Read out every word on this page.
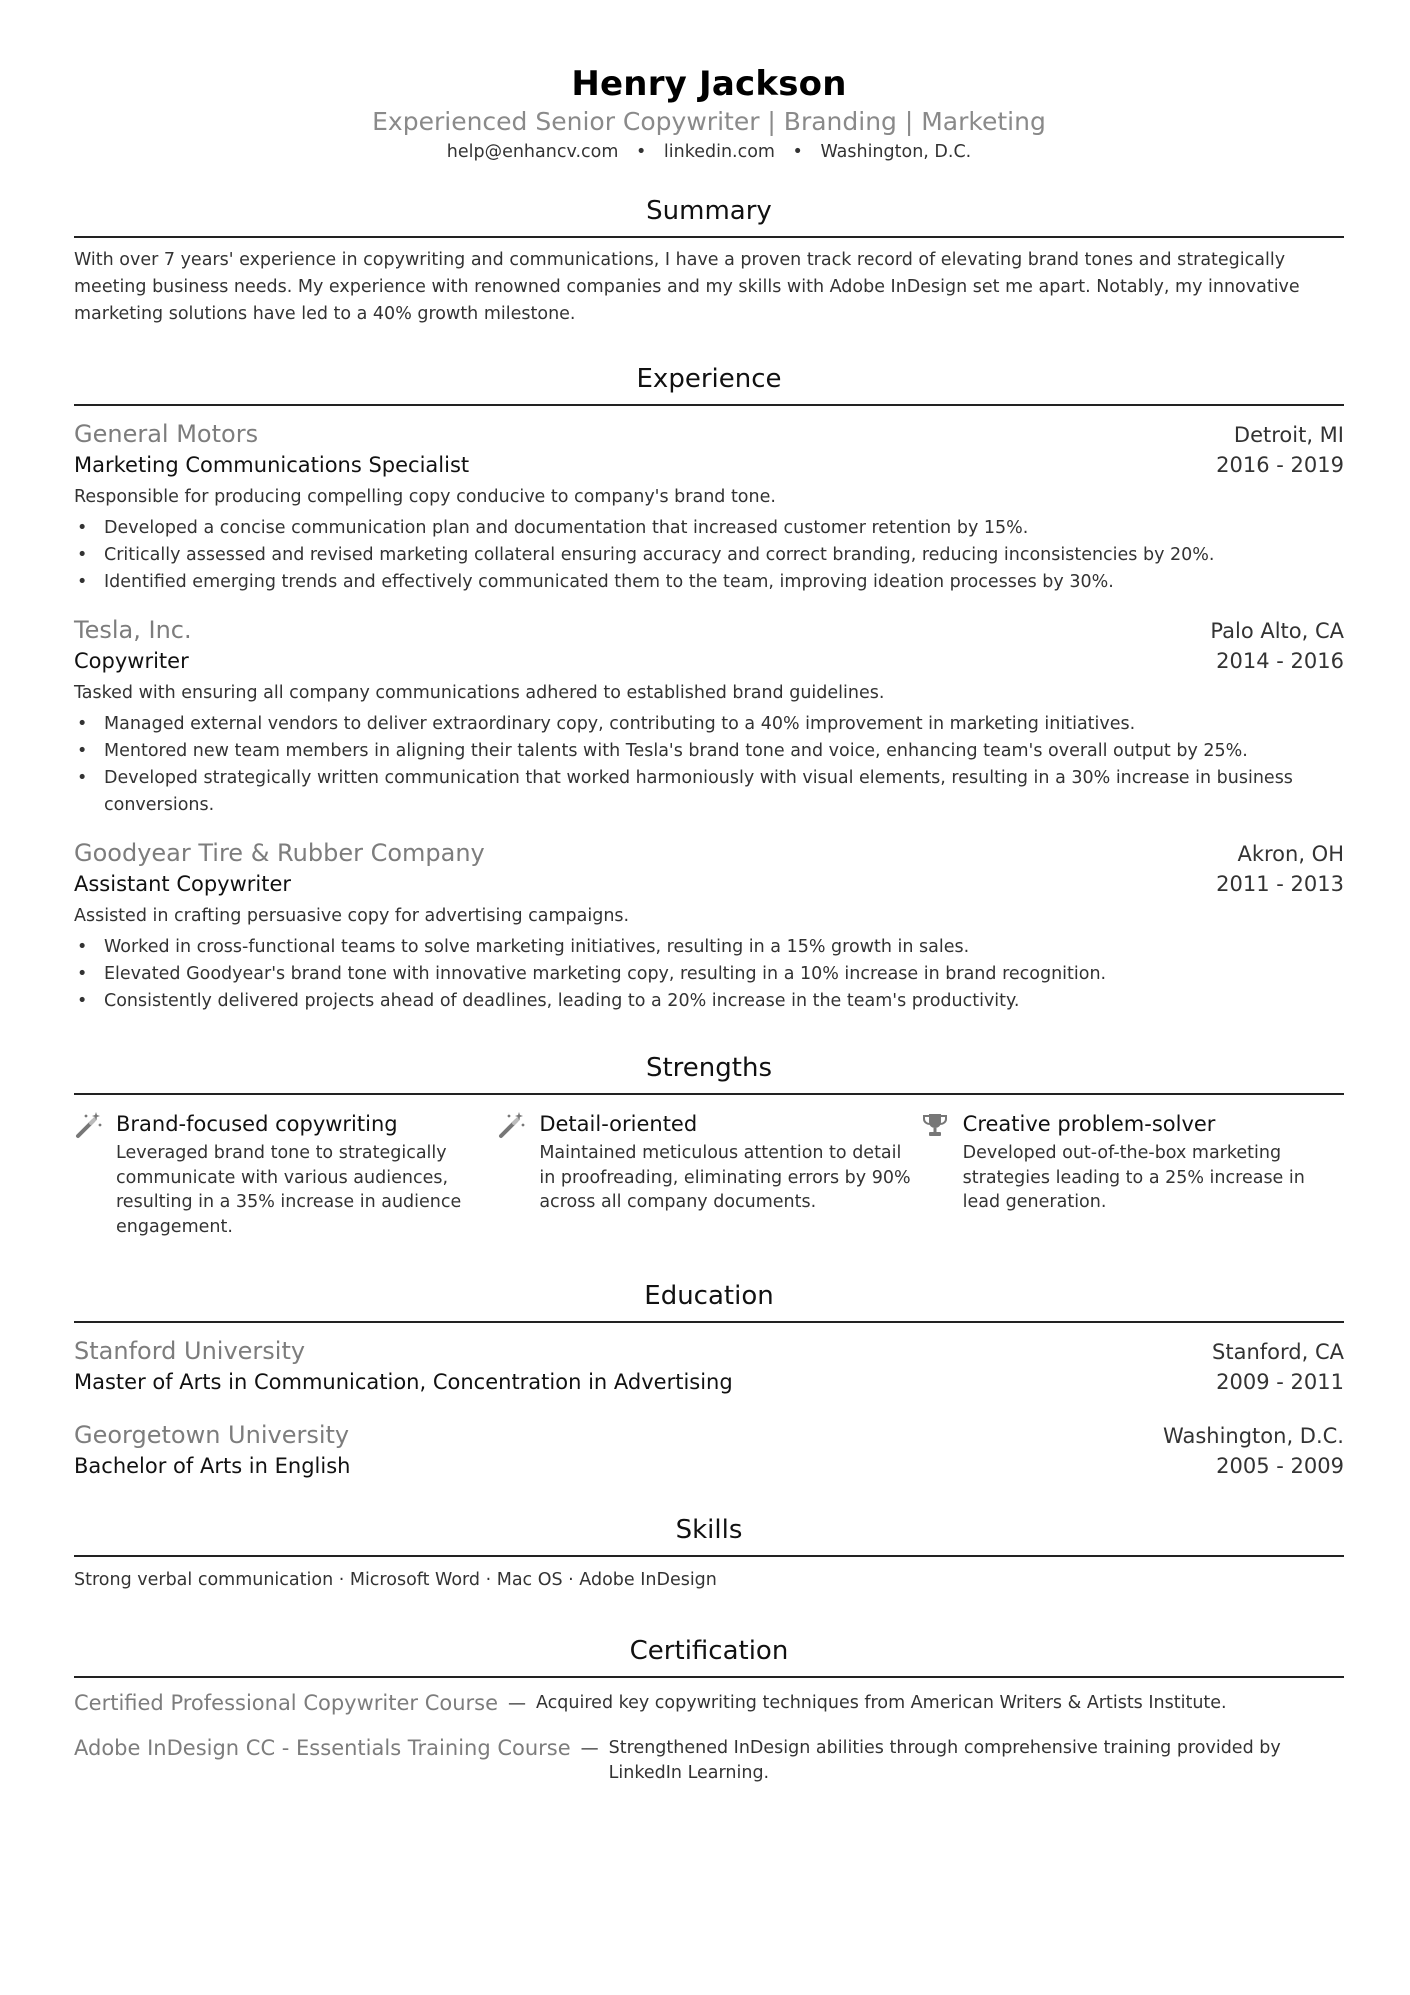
Henry Jackson
Experienced Senior Copywriter | Branding | Marketing
help@enhancv.com • linkedin.com • Washington, D.C.
Summary
With over 7 years' experience in copywriting and communications, I have a proven track record of elevating brand tones and strategically meeting business needs. My experience with renowned companies and my skills with Adobe InDesign set me apart. Notably, my innovative marketing solutions have led to a 40% growth milestone.
Experience
General Motors	Detroit, MI
Marketing Communications Specialist	2016 - 2019
Responsible for producing compelling copy conducive to company's brand tone.
• Developed a concise communication plan and documentation that increased customer retention by 15%.
• Critically assessed and revised marketing collateral ensuring accuracy and correct branding, reducing inconsistencies by 20%.
• Identified emerging trends and effectively communicated them to the team, improving ideation processes by 30%.
Tesla, Inc.	Palo Alto, CA
Copywriter	2014 - 2016
Tasked with ensuring all company communications adhered to established brand guidelines.
• Managed external vendors to deliver extraordinary copy, contributing to a 40% improvement in marketing initiatives.
• Mentored new team members in aligning their talents with Tesla's brand tone and voice, enhancing team's overall output by 25%.
• Developed strategically written communication that worked harmoniously with visual elements, resulting in a 30% increase in business conversions.
Goodyear Tire & Rubber Company	Akron, OH
Assistant Copywriter	2011 - 2013
Assisted in crafting persuasive copy for advertising campaigns.
• Worked in cross-functional teams to solve marketing initiatives, resulting in a 15% growth in sales.
• Elevated Goodyear's brand tone with innovative marketing copy, resulting in a 10% increase in brand recognition.
• Consistently delivered projects ahead of deadlines, leading to a 20% increase in the team's productivity.
Strengths
Brand-focused copywriting
Leveraged brand tone to strategically communicate with various audiences, resulting in a 35% increase in audience engagement.
Detail-oriented
Maintained meticulous attention to detail in proofreading, eliminating errors by 90% across all company documents.
Creative problem-solver
Developed out-of-the-box marketing strategies leading to a 25% increase in lead generation.
Education
Stanford University	Stanford, CA
Master of Arts in Communication, Concentration in Advertising	2009 - 2011
Georgetown University	Washington, D.C.
Bachelor of Arts in English	2005 - 2009
Skills
Strong verbal communication · Microsoft Word · Mac OS · Adobe InDesign
Certification
Certified Professional Copywriter Course — Acquired key copywriting techniques from American Writers & Artists Institute.
Adobe InDesign CC - Essentials Training Course — Strengthened InDesign abilities through comprehensive training provided by LinkedIn Learning.
